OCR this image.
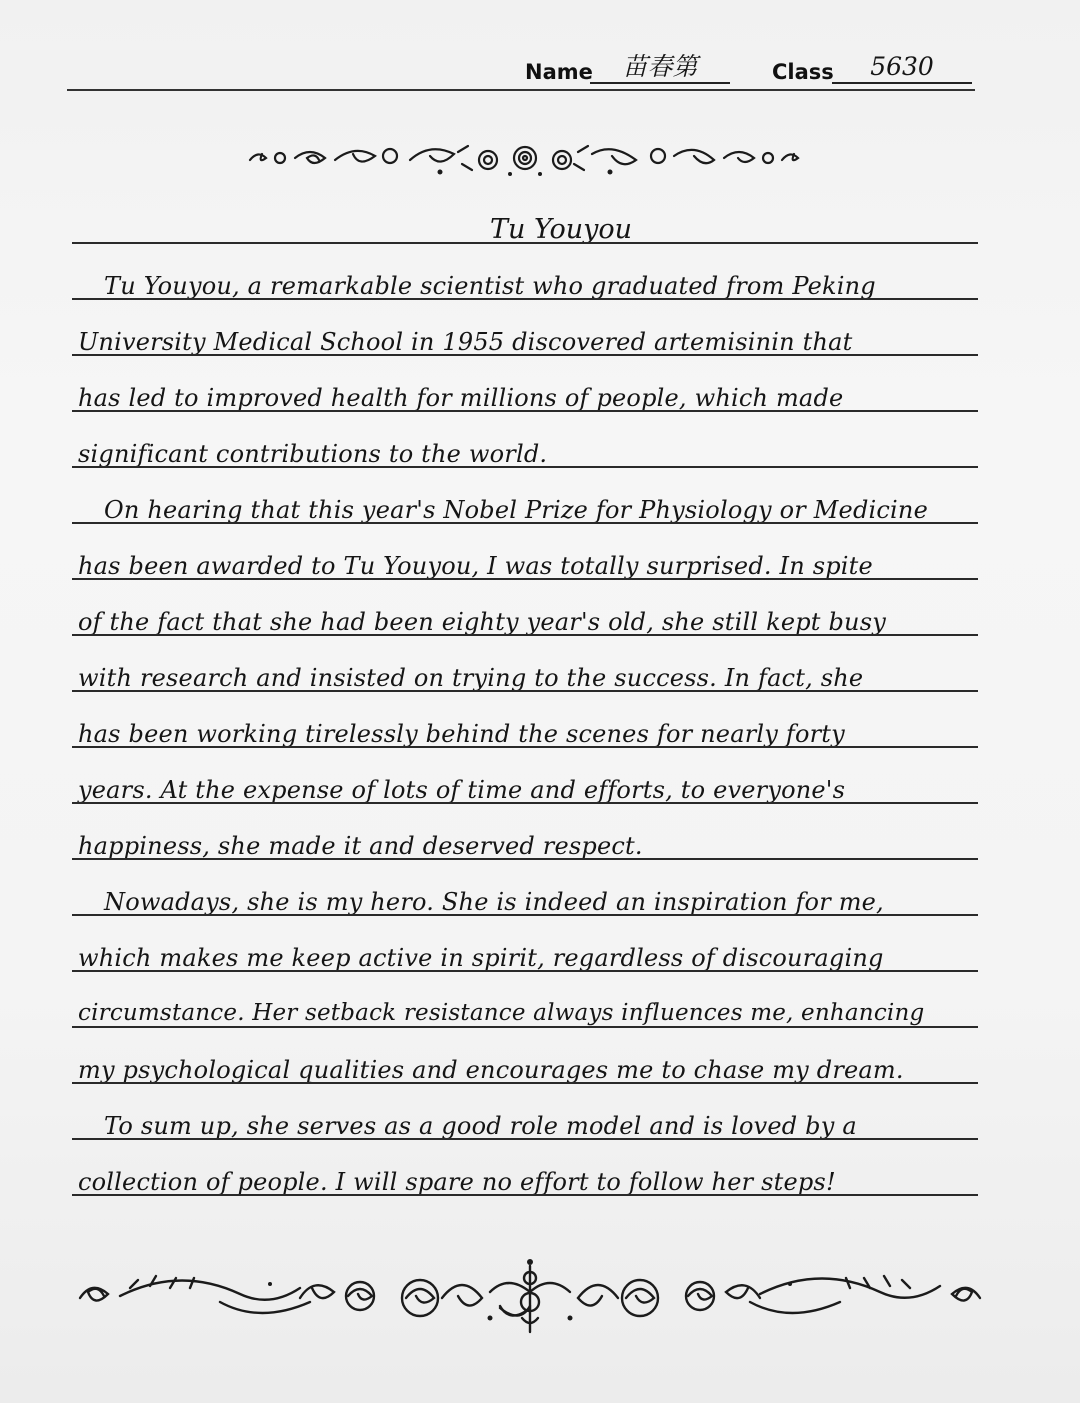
Name	苗春第	Class	5630
Tu Youyou
Tu Youyou, a remarkable scientist who graduated from Peking
University Medical School in 1955 discovered artemisinin that
has led to improved health for millions of people, which made
significant contributions to the world.
On hearing that this year's Nobel Prize for Physiology or Medicine
has been awarded to Tu Youyou, I was totally surprised. In spite
of the fact that she had been eighty year's old, she still kept busy
with research and insisted on trying to the success. In fact, she
has been working tirelessly behind the scenes for nearly forty
years. At the expense of lots of time and efforts, to everyone's
happiness, she made it and deserved respect.
Nowadays, she is my hero. She is indeed an inspiration for me,
which makes me keep active in spirit, regardless of discouraging
circumstance. Her setback resistance always influences me, enhancing
my psychological qualities and encourages me to chase my dream.
To sum up, she serves as a good role model and is loved by a
collection of people. I will spare no effort to follow her steps!
